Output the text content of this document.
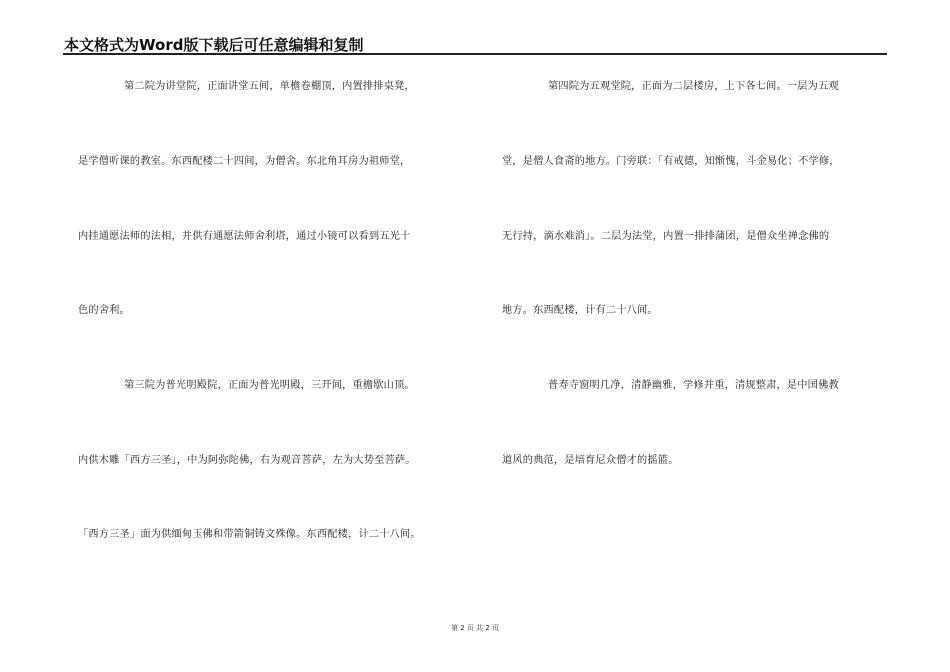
本文格式为Word版下载后可任意编辑和复制
第二院为讲堂院，正面讲堂五间，单檐卷棚顶，内置排排桌凳，
是学僧听课的教室。东西配楼二十四间，为僧舍。东北角耳房为祖师堂，
内挂通愿法师的法相，并供有通愿法师舍利塔，通过小镜可以看到五光十
色的舍利。
第三院为普光明殿院，正面为普光明殿，三开间，重檐歇山顶。
内供木雕「西方三圣」，中为阿弥陀佛，右为观音菩萨，左为大势至菩萨。
「西方三圣」面为供缅甸玉佛和带箭铜铸文殊像。东西配楼，计二十八间。
第四院为五观堂院，正面为二层楼房，上下各七间。一层为五观
堂，是僧人食斋的地方。门旁联：「有戒德，知惭愧，斗金易化；不学修，
无行持，滴水难消」。二层为法堂，内置一排排蒲团，是僧众坐禅念佛的
地方。东西配楼，计有二十八间。
普寿寺窗明几净，清静幽雅，学修并重，清规整肃，是中国佛教
道风的典范，是培育尼众僧才的摇篮。
第 2 页 共 2 页
